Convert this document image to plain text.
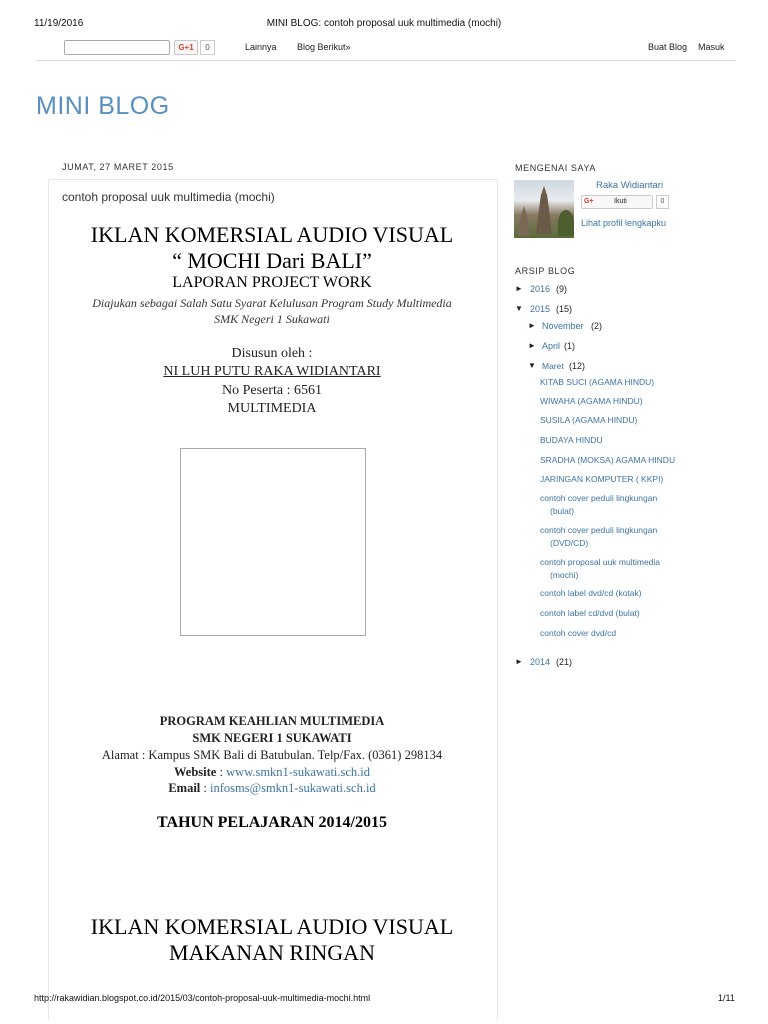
11/19/2016	MINI BLOG: contoh proposal uuk multimedia (mochi)
G+1	0	Lainnya Blog Berikut»	Buat Blog Masuk
MINI BLOG
JUMAT, 27 MARET 2015
contoh proposal uuk multimedia (mochi)
IKLAN KOMERSIAL AUDIO VISUAL
“ MOCHI Dari BALI”
LAPORAN PROJECT WORK
Diajukan sebagai Salah Satu Syarat Kelulusan Program Study Multimedia
SMK Negeri 1 Sukawati
Disusun oleh :
NI LUH PUTU RAKA WIDIANTARI
No Peserta : 6561
MULTIMEDIA
PROGRAM KEAHLIAN MULTIMEDIA
SMK NEGERI 1 SUKAWATI
Alamat : Kampus SMK Bali di Batubulan. Telp/Fax. (0361) 298134
Website : www.smkn1-sukawati.sch.id
Email : infosms@smkn1-sukawati.sch.id
TAHUN PELAJARAN 2014/2015
IKLAN KOMERSIAL AUDIO VISUAL
MAKANAN RINGAN
MENGENAI SAYA
Raka Widiantari
G+	Ikuti	0
Lihat profil lengkapku
ARSIP BLOG
► 2016 (9)
▼ 2015 (15)
► November (2)
► April (1)
▼ Maret (12)
KITAB SUCI (AGAMA HINDU)
WIWAHA (AGAMA HINDU)
SUSILA (AGAMA HINDU)
BUDAYA HINDU
SRADHA (MOKSA) AGAMA HINDU
JARINGAN KOMPUTER ( KKPI)
contoh cover peduli lingkungan
(bulat)
contoh cover peduli lingkungan
(DVD/CD)
contoh proposal uuk multimedia
(mochi)
contoh label dvd/cd (kotak)
contoh label cd/dvd (bulat)
contoh cover dvd/cd
► 2014 (21)
http://rakawidian.blogspot.co.id/2015/03/contoh-proposal-uuk-multimedia-mochi.html	1/11
